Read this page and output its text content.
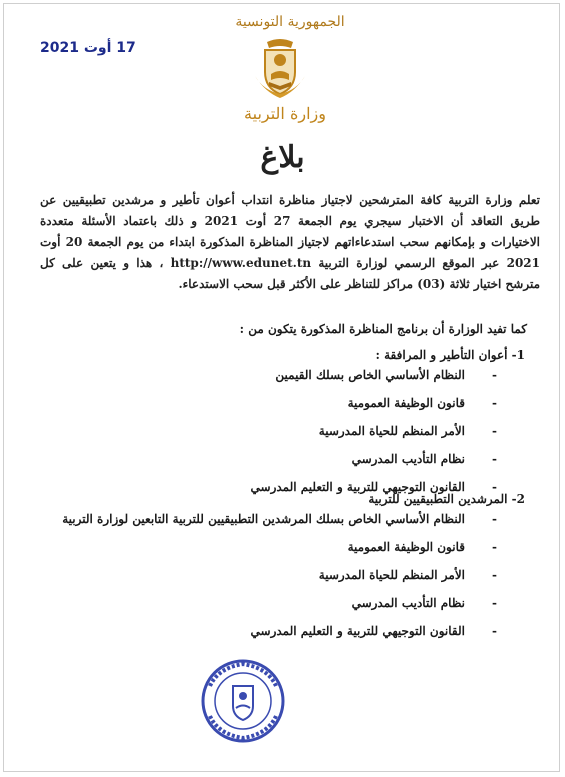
17 أوت 2021
الجمهورية التونسية
وزارة التربية
بلاغ
تعلم وزارة التربية كافة المترشحين لاجتياز مناظرة انتداب أعوان تأطير و مرشدين تطبيقيين عن طريق التعاقد أن الاختبار سيجري يوم الجمعة 27 أوت 2021 و ذلك باعتماد الأسئلة متعددة الاختيارات و بإمكانهم سحب استدعاءاتهم لاجتياز المناظرة المذكورة ابتداء من يوم الجمعة 20 أوت 2021 عبر الموقع الرسمي لوزارة التربية http://www.edunet.tn ، هذا و يتعين على كل مترشح اختيار ثلاثة (03) مراكز للتناظر على الأكثر قبل سحب الاستدعاء.
كما تفيد الوزارة أن برنامج المناظرة المذكورة يتكون من :
1- أعوان التأطير و المرافقة :
-
النظام الأساسي الخاص بسلك القيمين
-
قانون الوظيفة العمومية
-
الأمر المنظم للحياة المدرسية
-
نظام التأديب المدرسي
-
القانون التوجيهي للتربية و التعليم المدرسي
2- المرشدين التطبيقيين للتربية
-
النظام الأساسي الخاص بسلك المرشدين التطبيقيين للتربية التابعين لوزارة التربية
-
قانون الوظيفة العمومية
-
الأمر المنظم للحياة المدرسية
-
نظام التأديب المدرسي
-
القانون التوجيهي للتربية و التعليم المدرسي
